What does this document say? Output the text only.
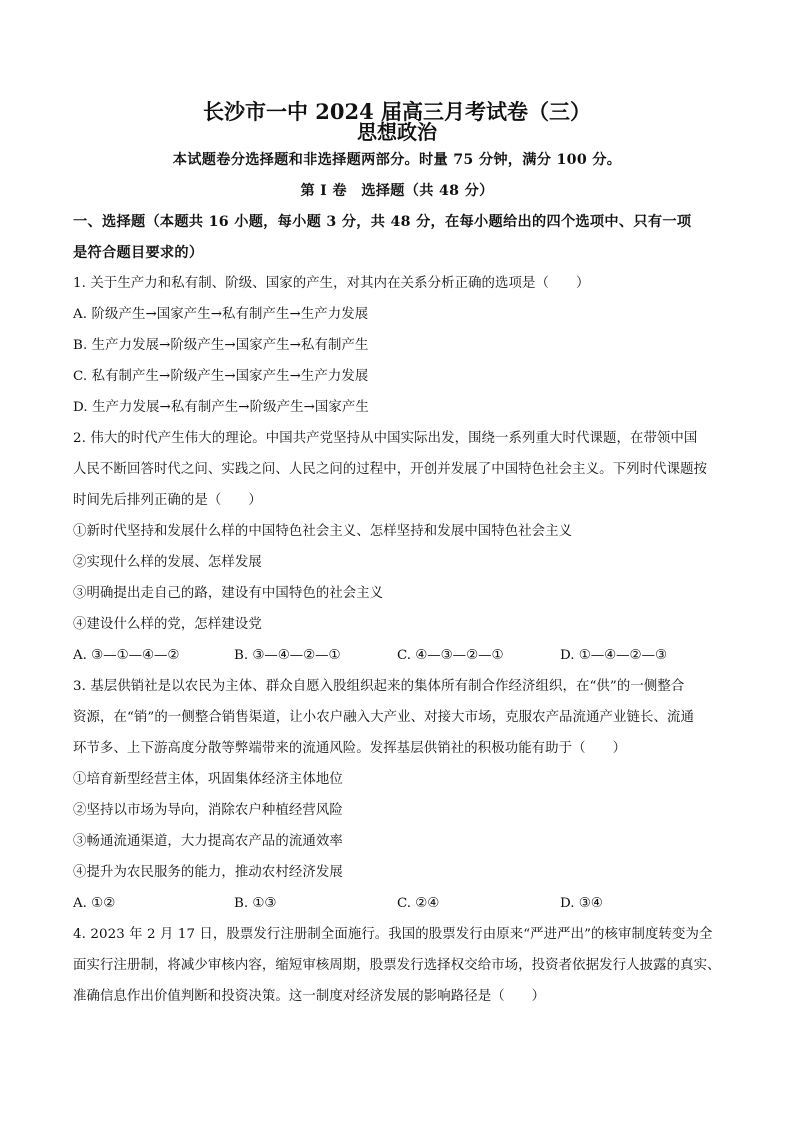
长沙市一中 2024 届高三月考试卷（三）
思想政治
本试题卷分选择题和非选择题两部分。时量 75 分钟，满分 100 分。
第 I 卷　选择题（共 48 分）
一、选择题（本题共 16 小题，每小题 3 分，共 48 分，在每小题给出的四个选项中、只有一项
是符合题目要求的）
1. 关于生产力和私有制、阶级、国家的产生，对其内在关系分析正确的选项是（　　）
A. 阶级产生→国家产生→私有制产生→生产力发展
B. 生产力发展→阶级产生→国家产生→私有制产生
C. 私有制产生→阶级产生→国家产生→生产力发展
D. 生产力发展→私有制产生→阶级产生→国家产生
2. 伟大的时代产生伟大的理论。中国共产党坚持从中国实际出发，围绕一系列重大时代课题，在带领中国
人民不断回答时代之问、实践之问、人民之问的过程中，开创并发展了中国特色社会主义。下列时代课题按
时间先后排列正确的是（　　）
①新时代坚持和发展什么样的中国特色社会主义、怎样坚持和发展中国特色社会主义
②实现什么样的发展、怎样发展
③明确提出走自己的路，建设有中国特色的社会主义
④建设什么样的党，怎样建设党
A. ③—①—④—②	B. ③—④—②—①	C. ④—③—②—①	D. ①—④—②—③
3. 基层供销社是以农民为主体、群众自愿入股组织起来的集体所有制合作经济组织，在“供”的一侧整合
资源，在“销”的一侧整合销售渠道，让小农户融入大产业、对接大市场，克服农产品流通产业链长、流通
环节多、上下游高度分散等弊端带来的流通风险。发挥基层供销社的积极功能有助于（　　）
①培育新型经营主体，巩固集体经济主体地位
②坚持以市场为导向，消除农户种植经营风险
③畅通流通渠道，大力提高农产品的流通效率
④提升为农民服务的能力，推动农村经济发展
A. ①②	B. ①③	C. ②④	D. ③④
4. 2023 年 2 月 17 日，股票发行注册制全面施行。我国的股票发行由原来“严进严出”的核审制度转变为全
面实行注册制，将减少审核内容，缩短审核周期，股票发行选择权交给市场，投资者依据发行人披露的真实、
准确信息作出价值判断和投资决策。这一制度对经济发展的影响路径是（　　）
